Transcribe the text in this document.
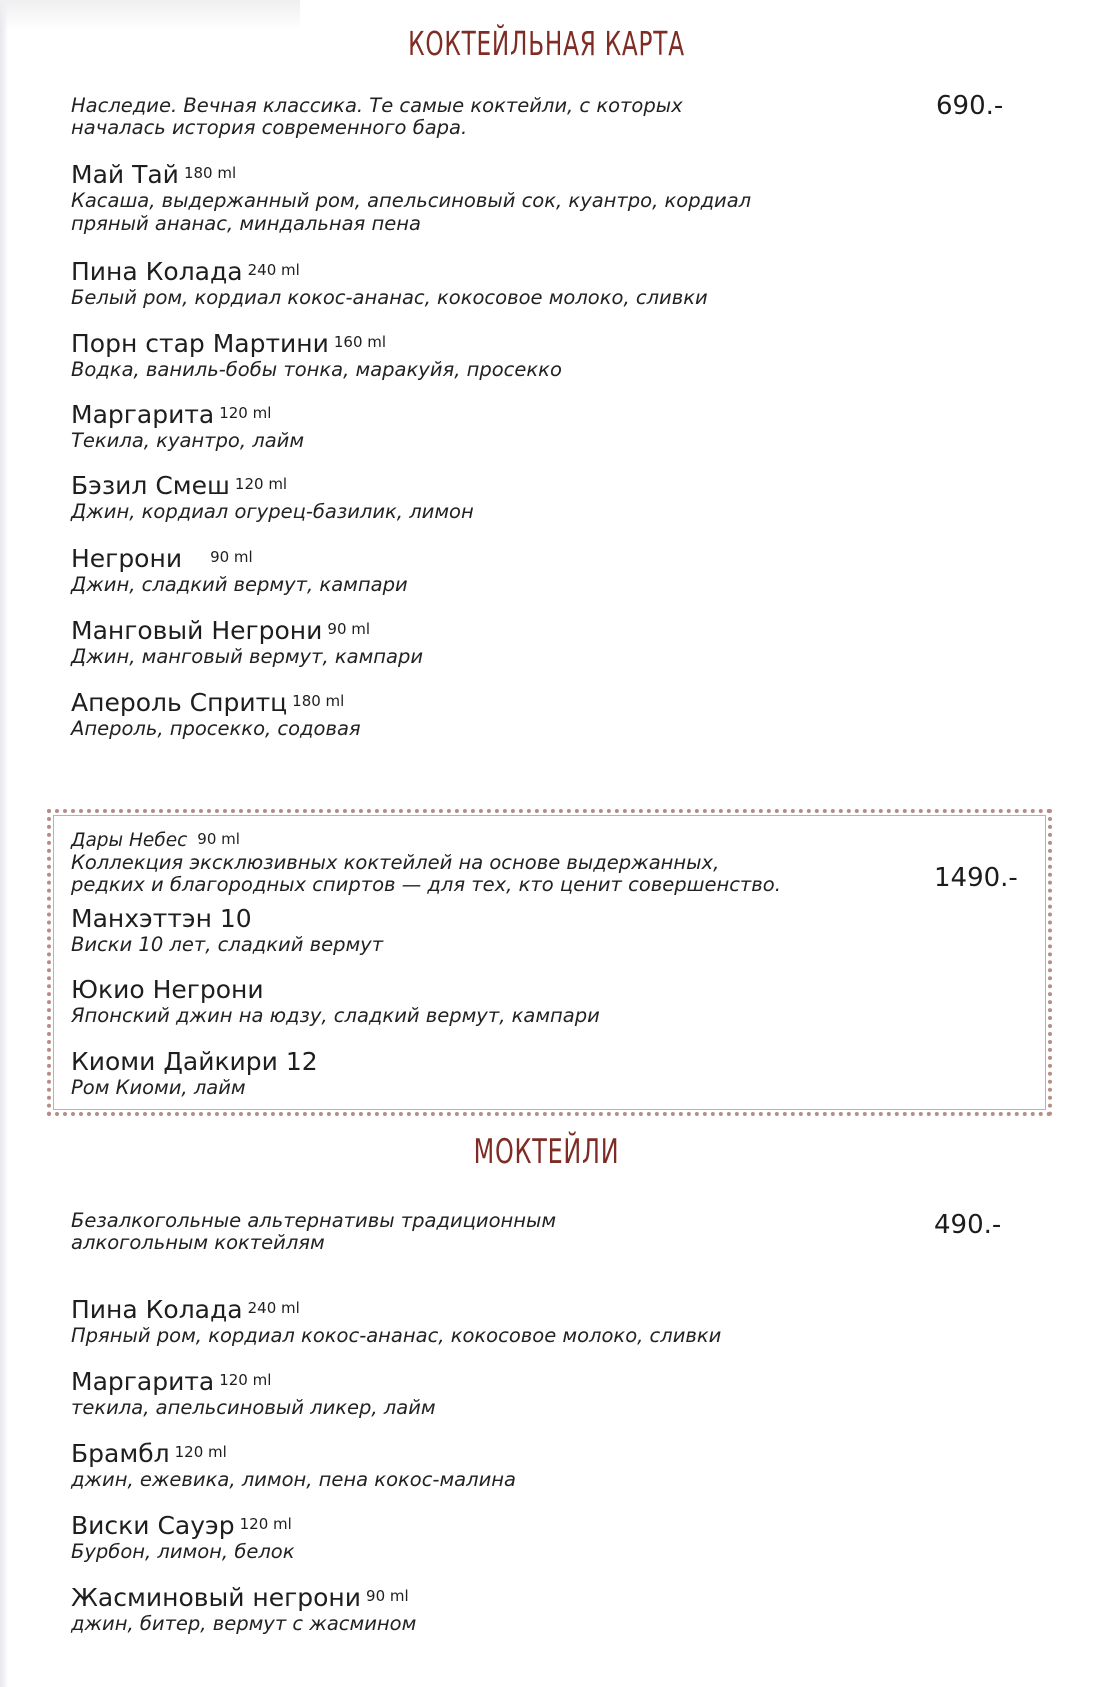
КОКТЕЙЛЬНАЯ КАРТА
Наследие. Вечная классика. Те самые коктейли, с которых
началась история современного бара.
690.-
Май Тай $^{180 ml}$
Касаша, выдержанный ром, апельсиновый сок, куантро, кордиал
пряный ананас, миндальная пена
Пина Колада $^{240 ml}$
Белый ром, кордиал кокос-ананас, кокосовое молоко, сливки
Порн стар Мартини $^{160 ml}$
Водка, ваниль-бобы тонка, маракуйя, просекко
Маргарита $^{120 ml}$
Текила, куантро, лайм
Бэзил Смеш $^{120 ml}$
Джин, кордиал огурец-базилик, лимон
Негрони $^{90 ml}$
Джин, сладкий вермут, кампари
Манговый Негрони $^{90 ml}$
Джин, манговый вермут, кампари
Апероль Спритц $^{180 ml}$
Апероль, просекко, содовая
Дары Небес 90 ml
Коллекция эксклюзивных коктейлей на основе выдержанных,
редких и благородных спиртов — для тех, кто ценит совершенство.	1490.-
Манхэттэн 10
Виски 10 лет, сладкий вермут
Юкио Негрони
Японский джин на юдзу, сладкий вермут, кампари
Киоми Дайкири 12
Ром Киоми, лайм
МОКТЕЙЛИ
Безалкогольные альтернативы традиционным
алкогольным коктейлям
490.-
Пина Колада $^{240 ml}$
Пряный ром, кордиал кокос-ананас, кокосовое молоко, сливки
Маргарита $^{120 ml}$
текила, апельсиновый ликер, лайм
Брамбл $^{120 ml}$
джин, ежевика, лимон, пена кокос-малина
Виски Сауэр $^{120 ml}$
Бурбон, лимон, белок
Жасминовый негрони $^{90 ml}$
джин, битер, вермут с жасмином
